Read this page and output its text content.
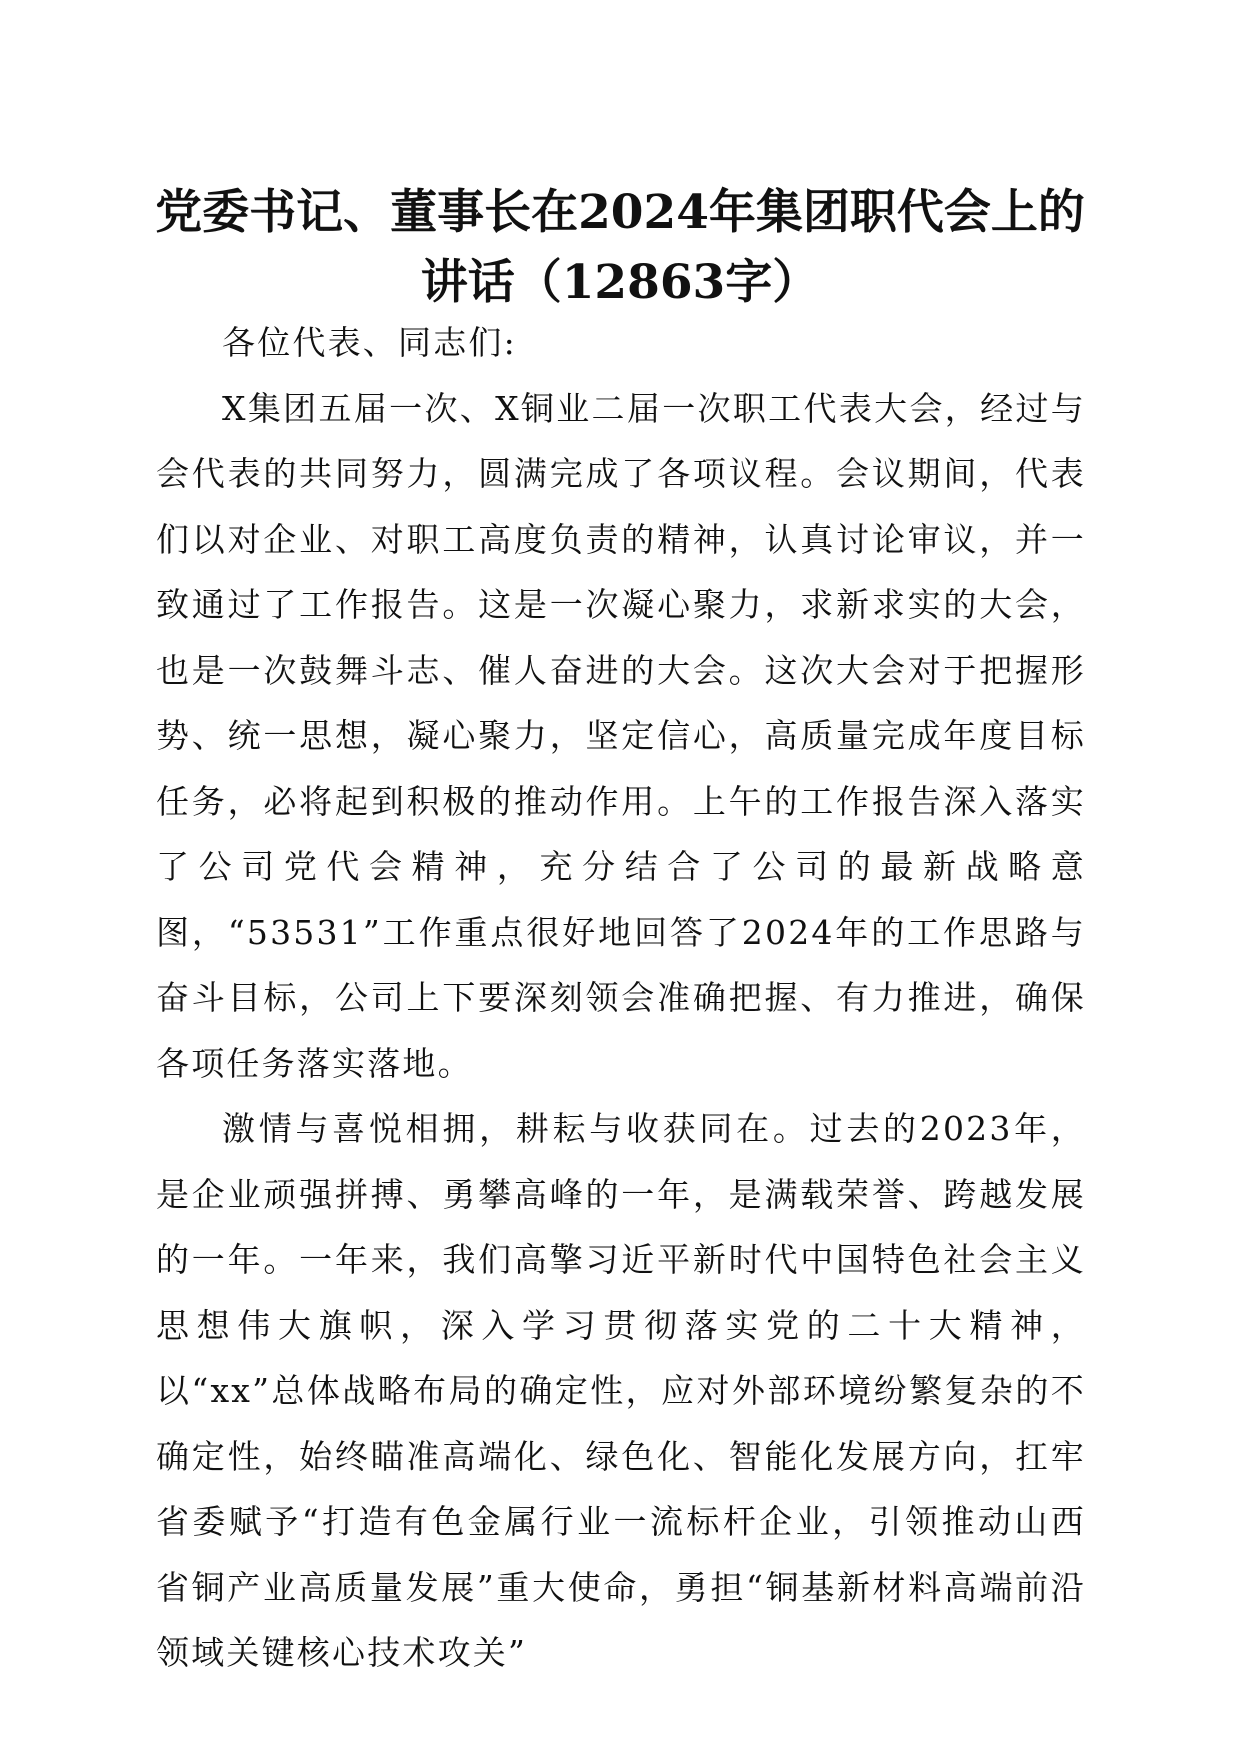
党委书记、董事长在2024年集团职代会上的
讲话（12863字）

各位代表、同志们:

X集团五届一次、X铜业二届一次职工代表大会，经过与会代表的共同努力，圆满完成了各项议程。会议期间，代表们以对企业、对职工高度负责的精神，认真讨论审议，并一致通过了工作报告。这是一次凝心聚力，求新求实的大会，也是一次鼓舞斗志、催人奋进的大会。这次大会对于把握形势、统一思想，凝心聚力，坚定信心，高质量完成年度目标任务，必将起到积极的推动作用。上午的工作报告深入落实了公司党代会精神，充分结合了公司的最新战略意图，“53531”工作重点很好地回答了2024年的工作思路与奋斗目标，公司上下要深刻领会准确把握、有力推进，确保各项任务落实落地。

激情与喜悦相拥，耕耘与收获同在。过去的2023年，是企业顽强拼搏、勇攀高峰的一年，是满载荣誉、跨越发展的一年。一年来，我们高擎习近平新时代中国特色社会主义思想伟大旗帜，深入学习贯彻落实党的二十大精神，以“xx”总体战略布局的确定性，应对外部环境纷繁复杂的不确定性，始终瞄准高端化、绿色化、智能化发展方向，扛牢省委赋予“打造有色金属行业一流标杆企业，引领推动山西省铜产业高质量发展”重大使命，勇担“铜基新材料高端前沿领域关键核心技术攻关”
